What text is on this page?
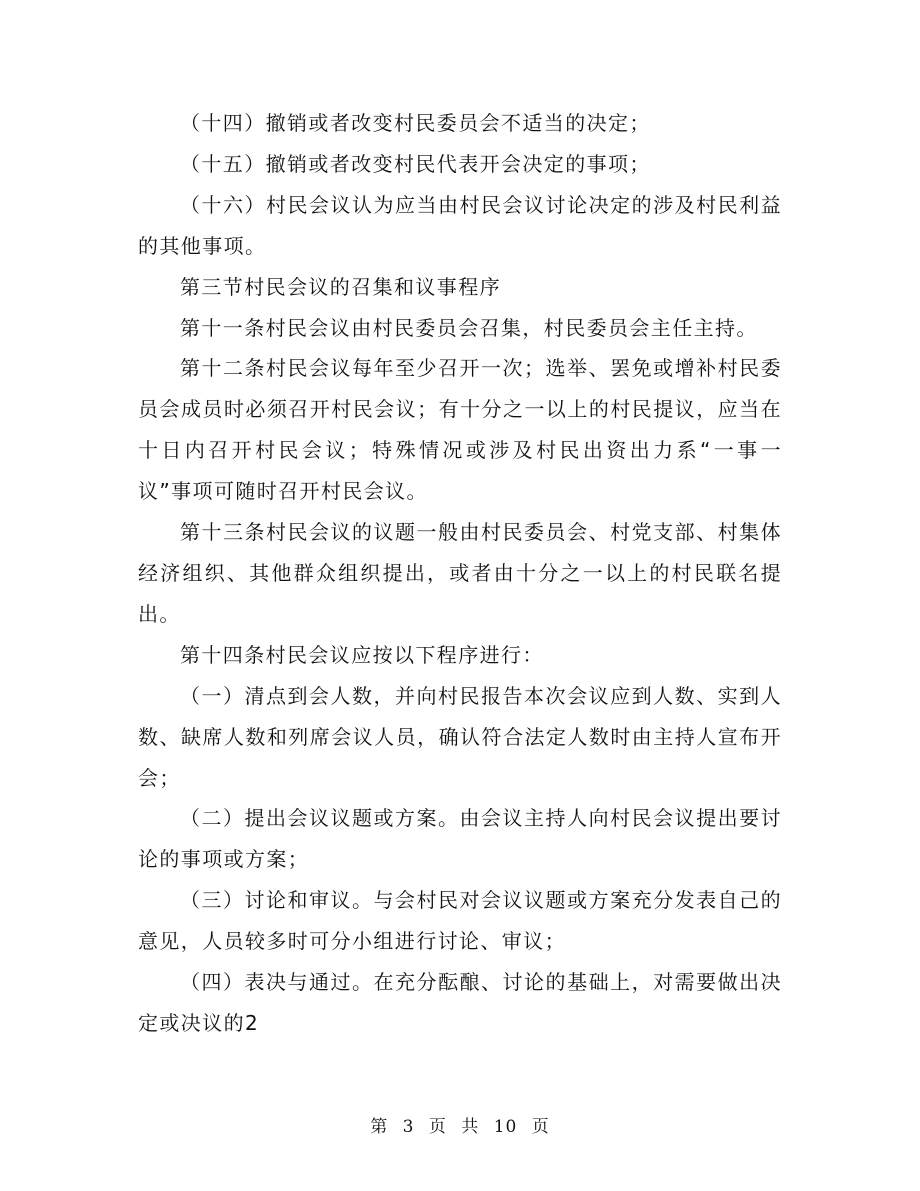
（十四）撤销或者改变村民委员会不适当的决定；

（十五）撤销或者改变村民代表开会决定的事项；

（十六）村民会议认为应当由村民会议讨论决定的涉及村民利益的其他事项。

第三节村民会议的召集和议事程序

第十一条村民会议由村民委员会召集，村民委员会主任主持。

第十二条村民会议每年至少召开一次；选举、罢免或增补村民委员会成员时必须召开村民会议；有十分之一以上的村民提议，应当在十日内召开村民会议；特殊情况或涉及村民出资出力系“一事一议”事项可随时召开村民会议。

第十三条村民会议的议题一般由村民委员会、村党支部、村集体经济组织、其他群众组织提出，或者由十分之一以上的村民联名提出。

第十四条村民会议应按以下程序进行：

（一）清点到会人数，并向村民报告本次会议应到人数、实到人数、缺席人数和列席会议人员，确认符合法定人数时由主持人宣布开会；

（二）提出会议议题或方案。由会议主持人向村民会议提出要讨论的事项或方案；

（三）讨论和审议。与会村民对会议议题或方案充分发表自己的意见，人员较多时可分小组进行讨论、审议；

（四）表决与通过。在充分酝酿、讨论的基础上，对需要做出决定或决议的2

第 3 页 共 10 页
